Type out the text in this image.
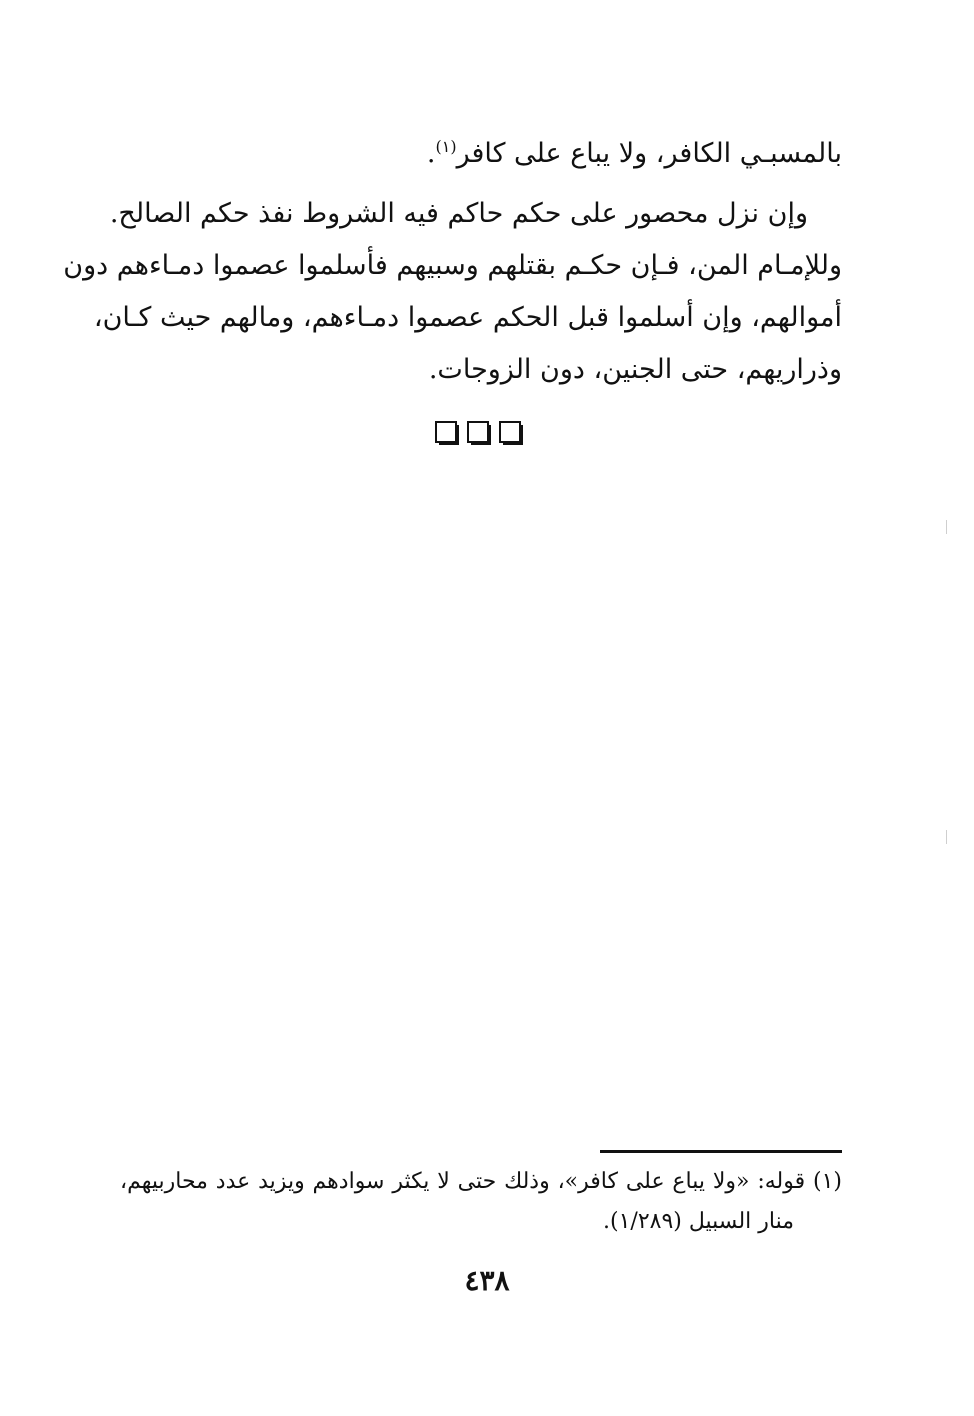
بالمسبـي الكافر، ولا يباع على كافر$^{(١)}$.
وإن نزل محصور على حكم حاكم فيه الشروط نفذ حكم الصالح.
وللإمـام المن، فـإن حكـم بقتلهم وسبيهم فأسلموا عصموا دمـاءهم دون
أموالهم، وإن أسلموا قبل الحكم عصموا دمـاءهم، ومالهم حيث كـان،
وذراريهم، حتى الجنين، دون الزوجات.
(١) قوله: «ولا يباع على كافر»، وذلك حتى لا يكثر سوادهم ويزيد عدد محاربيهم،
منار السبيل (١/٢٨٩).
٤٣٨
